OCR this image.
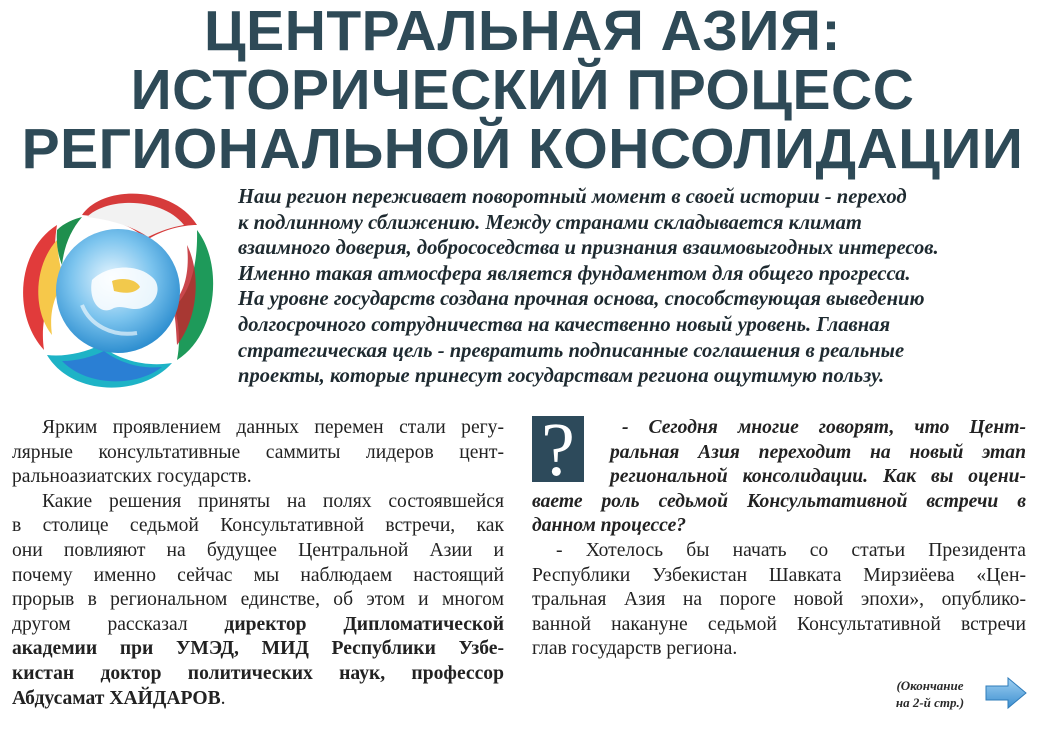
ЦЕНТРАЛЬНАЯ АЗИЯ:
ИСТОРИЧЕСКИЙ ПРОЦЕСС
РЕГИОНАЛЬНОЙ КОНСОЛИДАЦИИ
Наш регион переживает поворотный момент в своей истории - переход
к подлинному сближению. Между странами складывается климат
взаимного доверия, добрососедства и признания взаимовыгодных интересов.
Именно такая атмосфера является фундаментом для общего прогресса.
На уровне государств создана прочная основа, способствующая выведению
долгосрочного сотрудничества на качественно новый уровень. Главная
стратегическая цель - превратить подписанные соглашения в реальные
проекты, которые принесут государствам региона ощутимую пользу.
Ярким проявлением данных перемен стали регу-
лярные консультативные саммиты лидеров цент-
ральноазиатских государств.
Какие решения приняты на полях состоявшейся
в столице седьмой Консультативной встречи, как
они повлияют на будущее Центральной Азии и
почему именно сейчас мы наблюдаем настоящий
прорыв в региональном единстве, об этом и многом
другом рассказал директор Дипломатической
академии при УМЭД, МИД Республики Узбе-
кистан доктор политических наук, профессор
Абдусамат ХАЙДАРОВ.
?	- Сегодня многие говорят, что Цент-
ральная Азия переходит на новый этап
региональной консолидации. Как вы оцени-
ваете роль седьмой Консультативной встречи в
данном процессе?
- Хотелось бы начать со статьи Президента
Республики Узбекистан Шавката Мирзиёева «Цен-
тральная Азия на пороге новой эпохи», опублико-
ванной накануне седьмой Консультативной встречи
глав государств региона.
(Окончание
на 2-й стр.)
